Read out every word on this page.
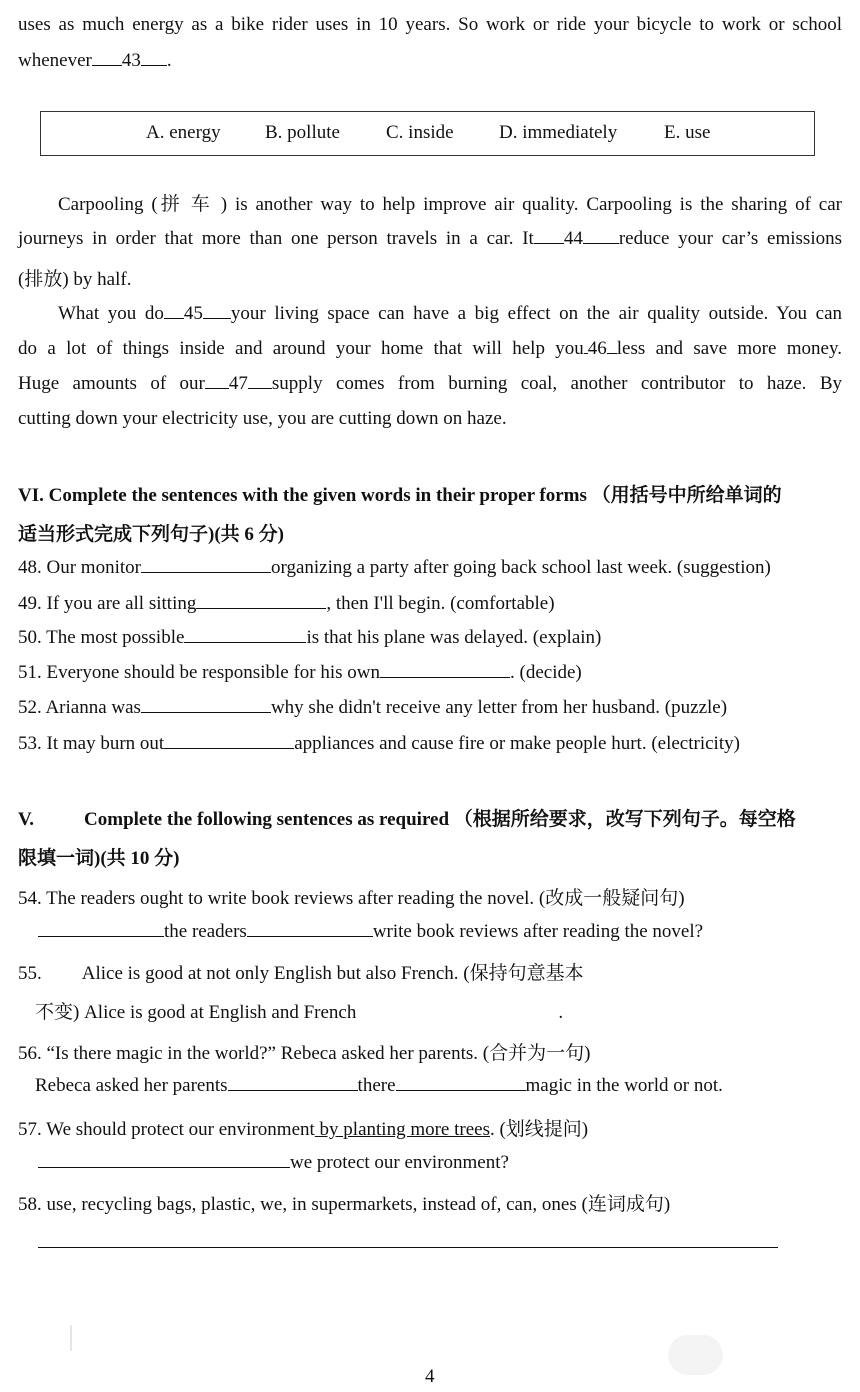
uses as much energy as a bike rider uses in 10 years. So work or ride your bicycle to work or school
whenever 43 .
A. energy B. pollute C. inside D. immediately E. use
Carpooling (拼 车 ) is another way to help improve air quality. Carpooling is the sharing of car
journeys in order that more than one person travels in a car. It 44 reduce your car’s emissions
(排放) by half.
What you do 45 your living space can have a big effect on the air quality outside. You can
do a lot of things inside and around your home that will help you 46 less and save more money.
Huge amounts of our 47 supply comes from burning coal, another contributor to haze. By
cutting down your electricity use, you are cutting down on haze.
VI. Complete the sentences with the given words in their proper forms （用括号中所给单词的
适当形式完成下列句子)(共 6 分)
48. Our monitor	organizing a party after going back school last week. (suggestion)
49. If you are all sitting	, then I'll begin. (comfortable)
50. The most possible	is that his plane was delayed. (explain)
51. Everyone should be responsible for his own	. (decide)
52. Arianna was	why she didn't receive any letter from her husband. (puzzle)
53. It may burn out	appliances and cause fire or make people hurt. (electricity)
V.	Complete the following sentences as required （根据所给要求，改写下列句子。每空格
限填一词)(共 10 分)
54. The readers ought to write book reviews after reading the novel. (改成一般疑问句)
the readers	write book reviews after reading the novel?
55. Alice is good at not only English but also French. (保持句意基本
不变) Alice is good at English and French	.
56. “Is there magic in the world?” Rebeca asked her parents. (合并为一句)
Rebeca asked her parents	there	magic in the world or not.
57. We should protect our environment by planting more trees. (划线提问)
we protect our environment?
58. use, recycling bags, plastic, we, in supermarkets, instead of, can, ones (连词成句)
4
